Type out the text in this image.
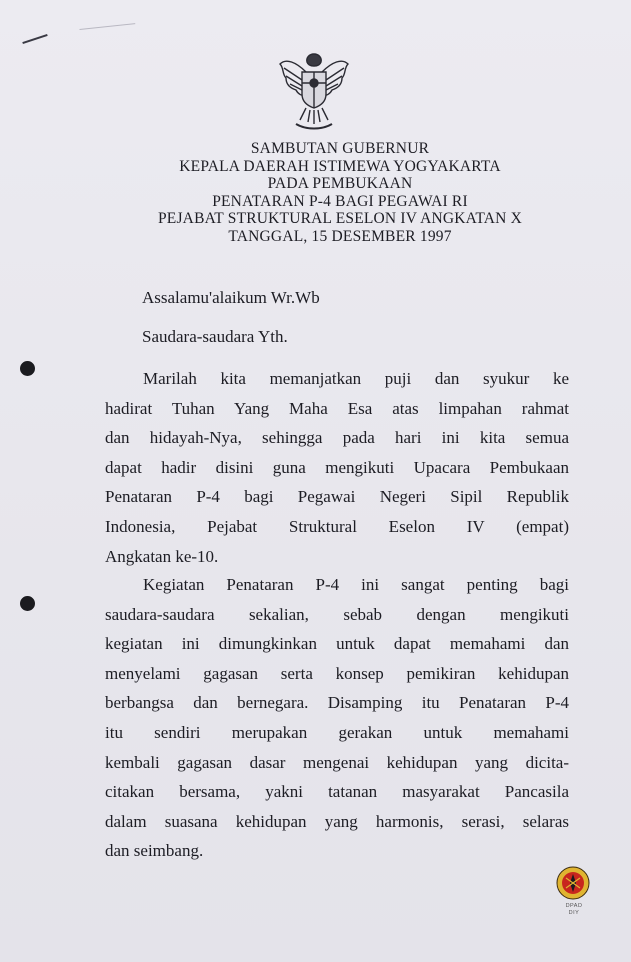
SAMBUTAN GUBERNUR
KEPALA DAERAH ISTIMEWA YOGYAKARTA
PADA PEMBUKAAN
PENATARAN P-4 BAGI PEGAWAI RI
PEJABAT STRUKTURAL ESELON IV ANGKATAN X
TANGGAL, 15 DESEMBER 1997
Assalamu'alaikum Wr.Wb
Saudara-saudara Yth.
Marilah kita memanjatkan puji dan syukur ke
hadirat Tuhan Yang Maha Esa atas limpahan rahmat
dan hidayah-Nya, sehingga pada hari ini kita semua
dapat hadir disini guna mengikuti Upacara Pembukaan
Penataran P-4 bagi Pegawai Negeri Sipil Republik
Indonesia, Pejabat Struktural Eselon IV (empat)
Angkatan ke-10.
Kegiatan Penataran P-4 ini sangat penting bagi
saudara-saudara sekalian, sebab dengan mengikuti
kegiatan ini dimungkinkan untuk dapat memahami dan
menyelami gagasan serta konsep pemikiran kehidupan
berbangsa dan bernegara. Disamping itu Penataran P-4
itu sendiri merupakan gerakan untuk memahami
kembali gagasan dasar mengenai kehidupan yang dicita-
citakan bersama, yakni tatanan masyarakat Pancasila
dalam suasana kehidupan yang harmonis, serasi, selaras
dan seimbang.
DPAD
DIY
